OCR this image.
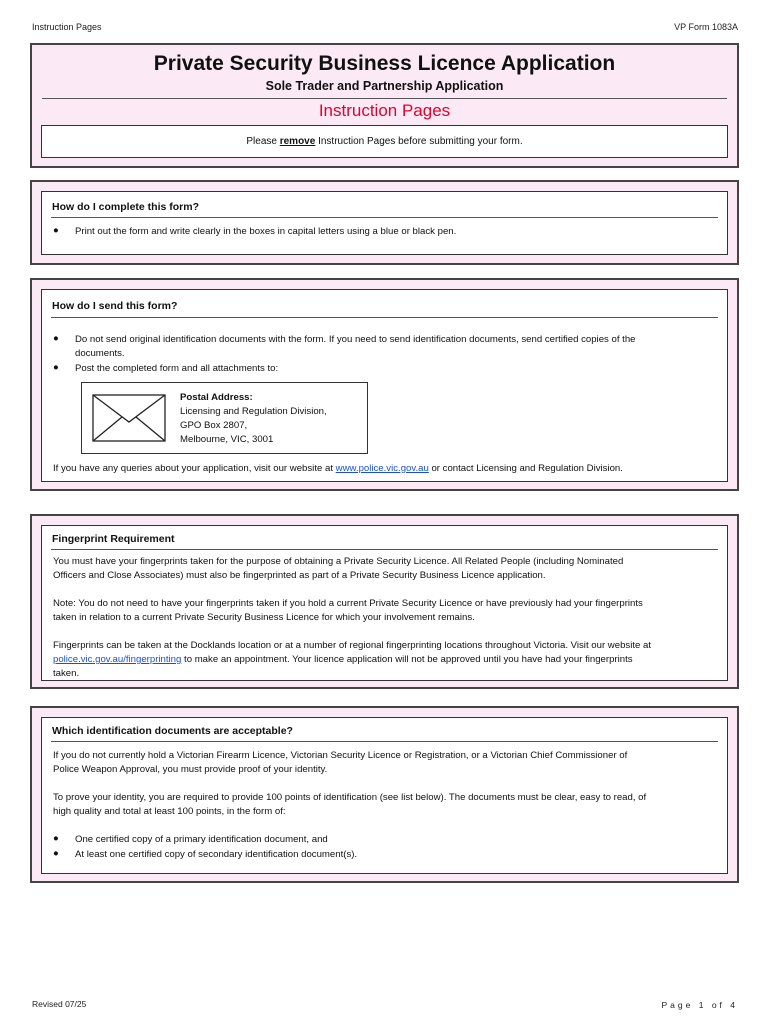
Instruction Pages	VP Form 1083A
Private Security Business Licence Application
Sole Trader and Partnership Application
Instruction Pages
Please remove Instruction Pages before submitting your form.
How do I complete this form?
● Print out the form and write clearly in the boxes in capital letters using a blue or black pen.
How do I send this form?
● Do not send original identification documents with the form. If you need to send identification documents, send certified copies of the
documents.
● Post the completed form and all attachments to:
Postal Address:
Licensing and Regulation Division,
GPO Box 2807,
Melbourne, VIC, 3001
If you have any queries about your application, visit our website at www.police.vic.gov.au or contact Licensing and Regulation Division.
Fingerprint Requirement
You must have your fingerprints taken for the purpose of obtaining a Private Security Licence. All Related People (including Nominated
Officers and Close Associates) must also be fingerprinted as part of a Private Security Business Licence application.
Note: You do not need to have your fingerprints taken if you hold a current Private Security Licence or have previously had your fingerprints
taken in relation to a current Private Security Business Licence for which your involvement remains.
Fingerprints can be taken at the Docklands location or at a number of regional fingerprinting locations throughout Victoria. Visit our website at
police.vic.gov.au/fingerprinting to make an appointment. Your licence application will not be approved until you have had your fingerprints
taken.
Which identification documents are acceptable?
If you do not currently hold a Victorian Firearm Licence, Victorian Security Licence or Registration, or a Victorian Chief Commissioner of
Police Weapon Approval, you must provide proof of your identity.
To prove your identity, you are required to provide 100 points of identification (see list below). The documents must be clear, easy to read, of
high quality and total at least 100 points, in the form of:
● One certified copy of a primary identification document, and
● At least one certified copy of secondary identification document(s).
Revised 07/25	Page 1 of 4
